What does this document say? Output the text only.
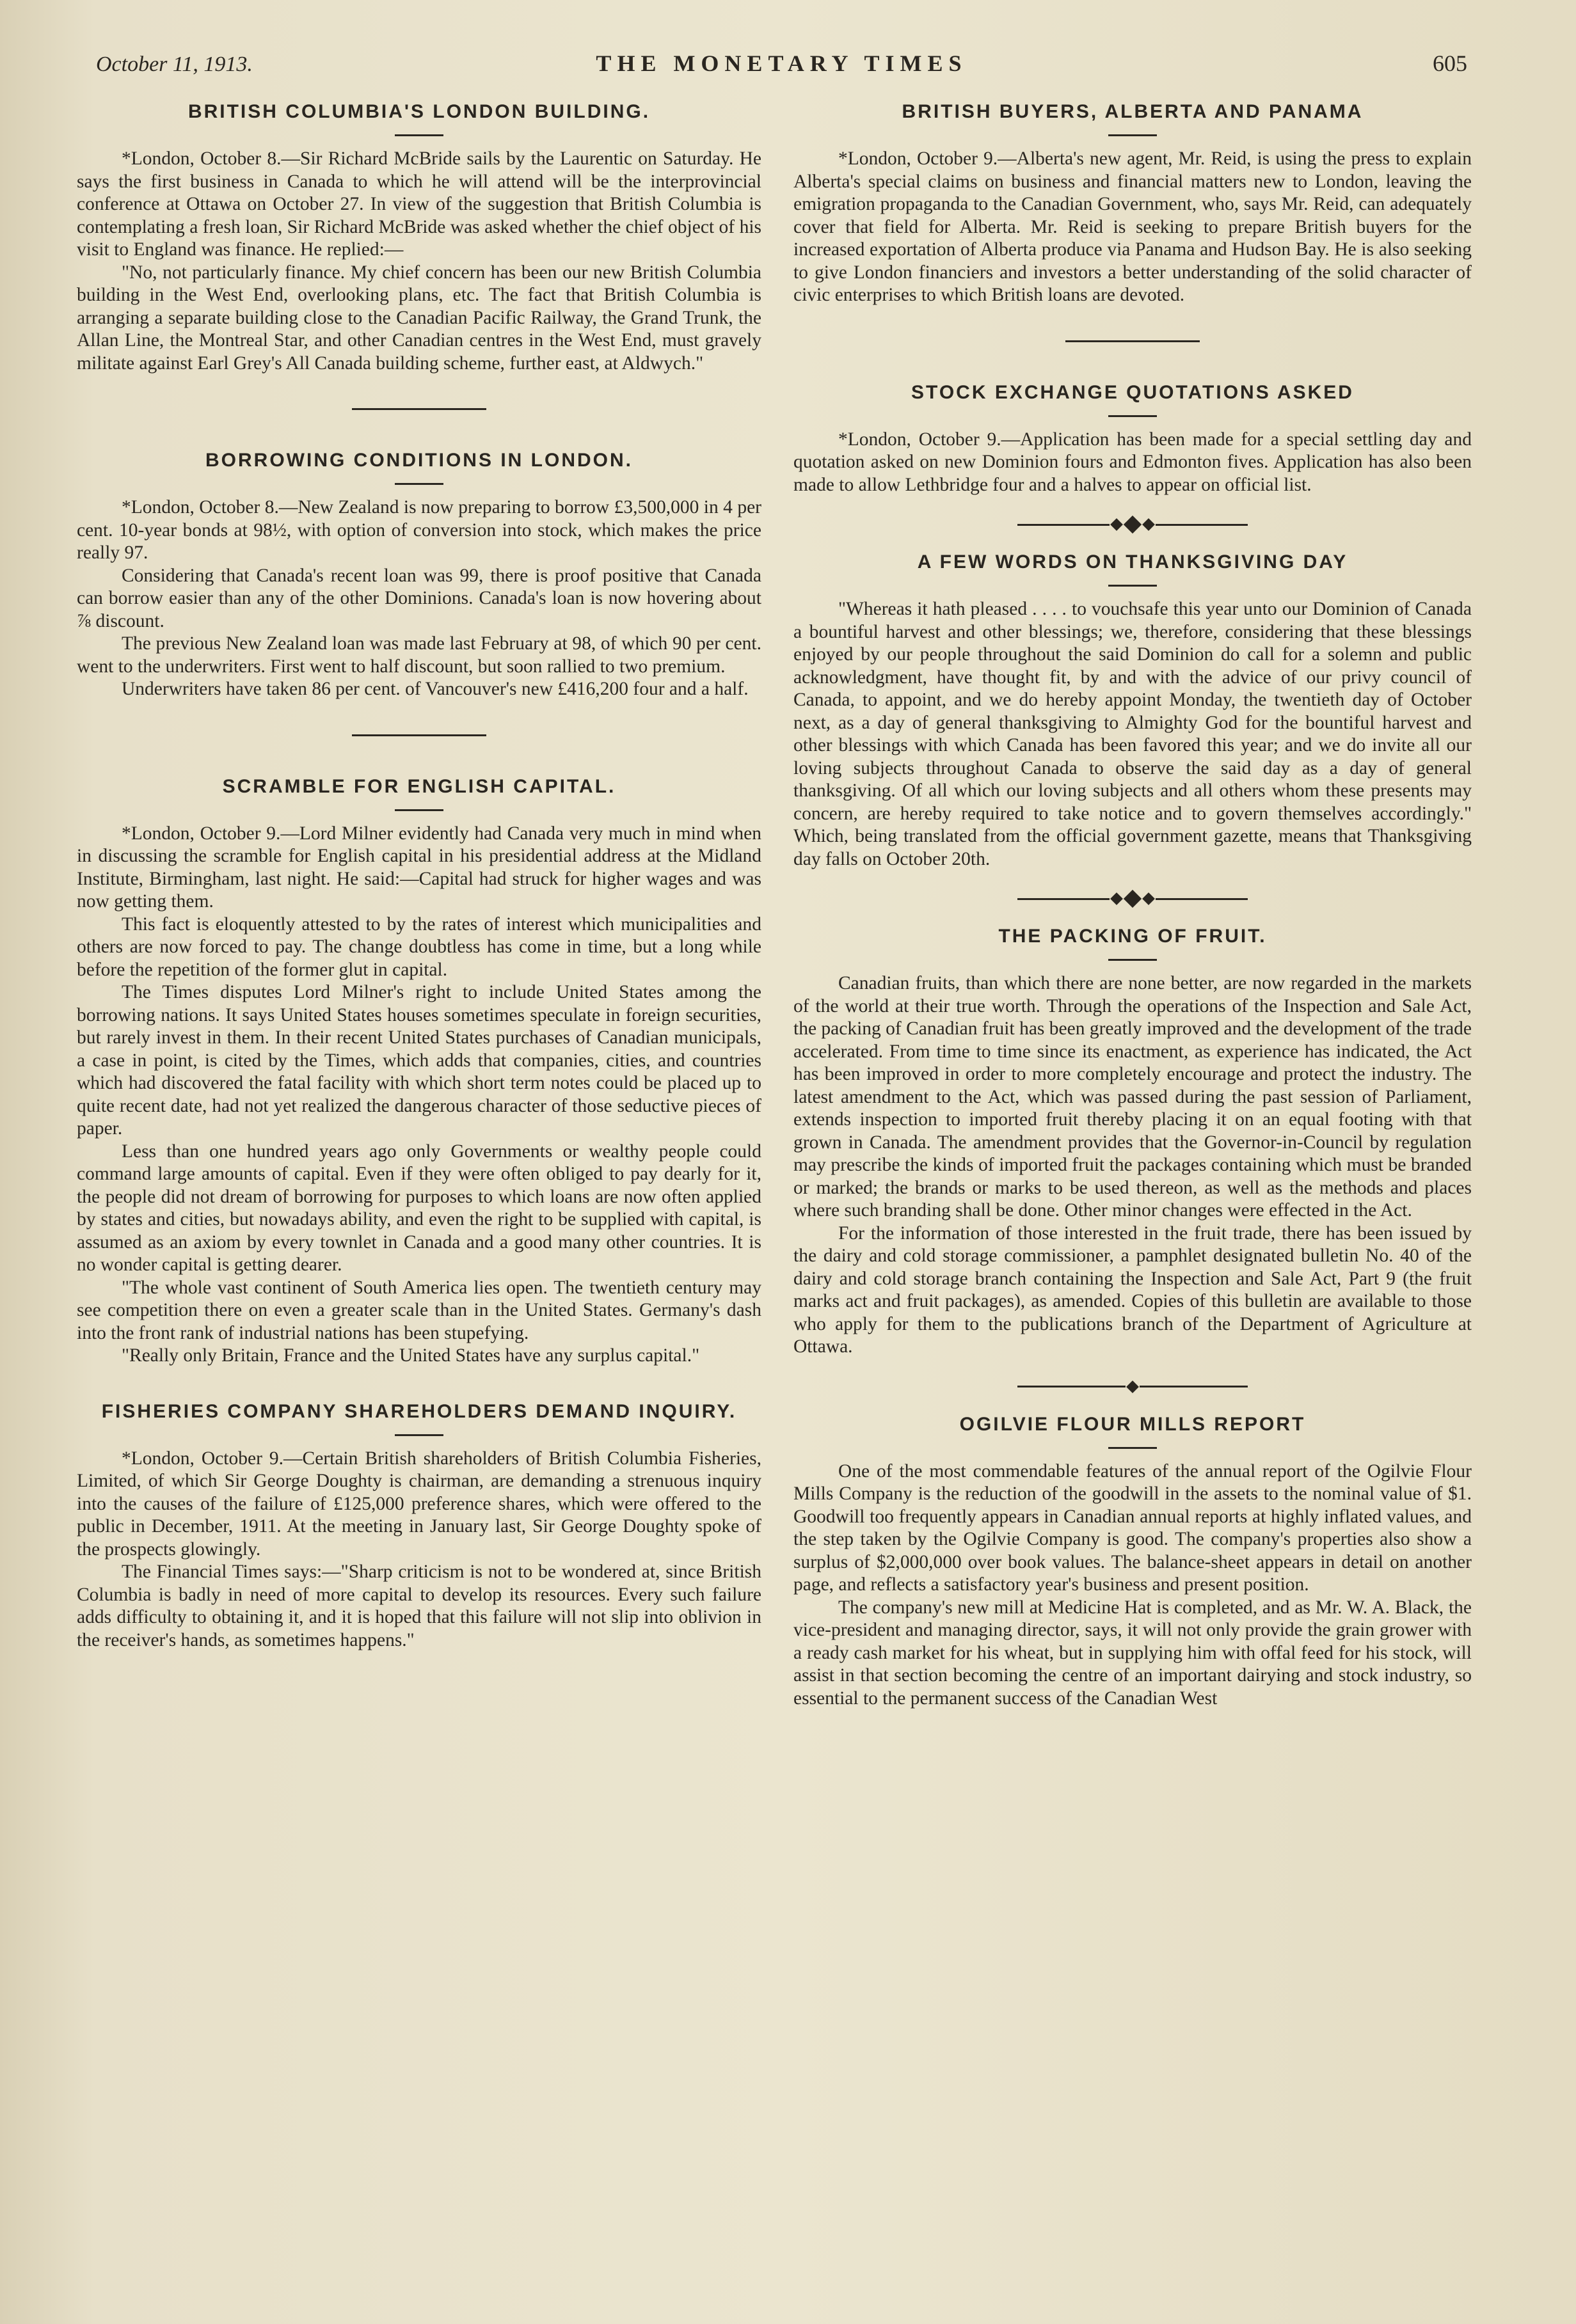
October 11, 1913.	THE MONETARY TIMES	605
BRITISH COLUMBIA'S LONDON BUILDING.

*London, October 8.—Sir Richard McBride sails by the Laurentic on Saturday. He says the first business in Canada to which he will attend will be the interprovincial conference at Ottawa on October 27. In view of the suggestion that British Columbia is contemplating a fresh loan, Sir Richard McBride was asked whether the chief object of his visit to England was finance. He replied:—

"No, not particularly finance. My chief concern has been our new British Columbia building in the West End, overlooking plans, etc. The fact that British Columbia is arranging a separate building close to the Canadian Pacific Railway, the Grand Trunk, the Allan Line, the Montreal Star, and other Canadian centres in the West End, must gravely militate against Earl Grey's All Canada building scheme, further east, at Aldwych."

BORROWING CONDITIONS IN LONDON.

*London, October 8.—New Zealand is now preparing to borrow £3,500,000 in 4 per cent. 10-year bonds at 98½, with option of conversion into stock, which makes the price really 97.

Considering that Canada's recent loan was 99, there is proof positive that Canada can borrow easier than any of the other Dominions. Canada's loan is now hovering about ⅞ discount.

The previous New Zealand loan was made last February at 98, of which 90 per cent. went to the underwriters. First went to half discount, but soon rallied to two premium.

Underwriters have taken 86 per cent. of Vancouver's new £416,200 four and a half.

SCRAMBLE FOR ENGLISH CAPITAL.

*London, October 9.—Lord Milner evidently had Canada very much in mind when in discussing the scramble for English capital in his presidential address at the Midland Institute, Birmingham, last night. He said:—Capital had struck for higher wages and was now getting them.

This fact is eloquently attested to by the rates of interest which municipalities and others are now forced to pay. The change doubtless has come in time, but a long while before the repetition of the former glut in capital.

The Times disputes Lord Milner's right to include United States among the borrowing nations. It says United States houses sometimes speculate in foreign securities, but rarely invest in them. In their recent United States purchases of Canadian municipals, a case in point, is cited by the Times, which adds that companies, cities, and countries which had discovered the fatal facility with which short term notes could be placed up to quite recent date, had not yet realized the dangerous character of those seductive pieces of paper.

Less than one hundred years ago only Governments or wealthy people could command large amounts of capital. Even if they were often obliged to pay dearly for it, the people did not dream of borrowing for purposes to which loans are now often applied by states and cities, but nowadays ability, and even the right to be supplied with capital, is assumed as an axiom by every townlet in Canada and a good many other countries. It is no wonder capital is getting dearer.

"The whole vast continent of South America lies open. The twentieth century may see competition there on even a greater scale than in the United States. Germany's dash into the front rank of industrial nations has been stupefying.

"Really only Britain, France and the United States have any surplus capital."

FISHERIES COMPANY SHAREHOLDERS DEMAND INQUIRY.

*London, October 9.—Certain British shareholders of British Columbia Fisheries, Limited, of which Sir George Doughty is chairman, are demanding a strenuous inquiry into the causes of the failure of £125,000 preference shares, which were offered to the public in December, 1911. At the meeting in January last, Sir George Doughty spoke of the prospects glowingly.

The Financial Times says:—"Sharp criticism is not to be wondered at, since British Columbia is badly in need of more capital to develop its resources. Every such failure adds difficulty to obtaining it, and it is hoped that this failure will not slip into oblivion in the receiver's hands, as sometimes happens."

BRITISH BUYERS, ALBERTA AND PANAMA

*London, October 9.—Alberta's new agent, Mr. Reid, is using the press to explain Alberta's special claims on business and financial matters new to London, leaving the emigration propaganda to the Canadian Government, who, says Mr. Reid, can adequately cover that field for Alberta. Mr. Reid is seeking to prepare British buyers for the increased exportation of Alberta produce via Panama and Hudson Bay. He is also seeking to give London financiers and investors a better understanding of the solid character of civic enterprises to which British loans are devoted.

STOCK EXCHANGE QUOTATIONS ASKED

*London, October 9.—Application has been made for a special settling day and quotation asked on new Dominion fours and Edmonton fives. Application has also been made to allow Lethbridge four and a halves to appear on official list.

A FEW WORDS ON THANKSGIVING DAY

"Whereas it hath pleased . . . . to vouchsafe this year unto our Dominion of Canada a bountiful harvest and other blessings; we, therefore, considering that these blessings enjoyed by our people throughout the said Dominion do call for a solemn and public acknowledgment, have thought fit, by and with the advice of our privy council of Canada, to appoint, and we do hereby appoint Monday, the twentieth day of October next, as a day of general thanksgiving to Almighty God for the bountiful harvest and other blessings with which Canada has been favored this year; and we do invite all our loving subjects throughout Canada to observe the said day as a day of general thanksgiving. Of all which our loving subjects and all others whom these presents may concern, are hereby required to take notice and to govern themselves accordingly." Which, being translated from the official government gazette, means that Thanksgiving day falls on October 20th.

THE PACKING OF FRUIT.

Canadian fruits, than which there are none better, are now regarded in the markets of the world at their true worth. Through the operations of the Inspection and Sale Act, the packing of Canadian fruit has been greatly improved and the development of the trade accelerated. From time to time since its enactment, as experience has indicated, the Act has been improved in order to more completely encourage and protect the industry. The latest amendment to the Act, which was passed during the past session of Parliament, extends inspection to imported fruit thereby placing it on an equal footing with that grown in Canada. The amendment provides that the Governor-in-Council by regulation may prescribe the kinds of imported fruit the packages containing which must be branded or marked; the brands or marks to be used thereon, as well as the methods and places where such branding shall be done. Other minor changes were effected in the Act.

For the information of those interested in the fruit trade, there has been issued by the dairy and cold storage commissioner, a pamphlet designated bulletin No. 40 of the dairy and cold storage branch containing the Inspection and Sale Act, Part 9 (the fruit marks act and fruit packages), as amended. Copies of this bulletin are available to those who apply for them to the publications branch of the Department of Agriculture at Ottawa.

OGILVIE FLOUR MILLS REPORT

One of the most commendable features of the annual report of the Ogilvie Flour Mills Company is the reduction of the goodwill in the assets to the nominal value of $1. Goodwill too frequently appears in Canadian annual reports at highly inflated values, and the step taken by the Ogilvie Company is good. The company's properties also show a surplus of $2,000,000 over book values. The balance-sheet appears in detail on another page, and reflects a satisfactory year's business and present position.

The company's new mill at Medicine Hat is completed, and as Mr. W. A. Black, the vice-president and managing director, says, it will not only provide the grain grower with a ready cash market for his wheat, but in supplying him with offal feed for his stock, will assist in that section becoming the centre of an important dairying and stock industry, so essential to the permanent success of the Canadian West
